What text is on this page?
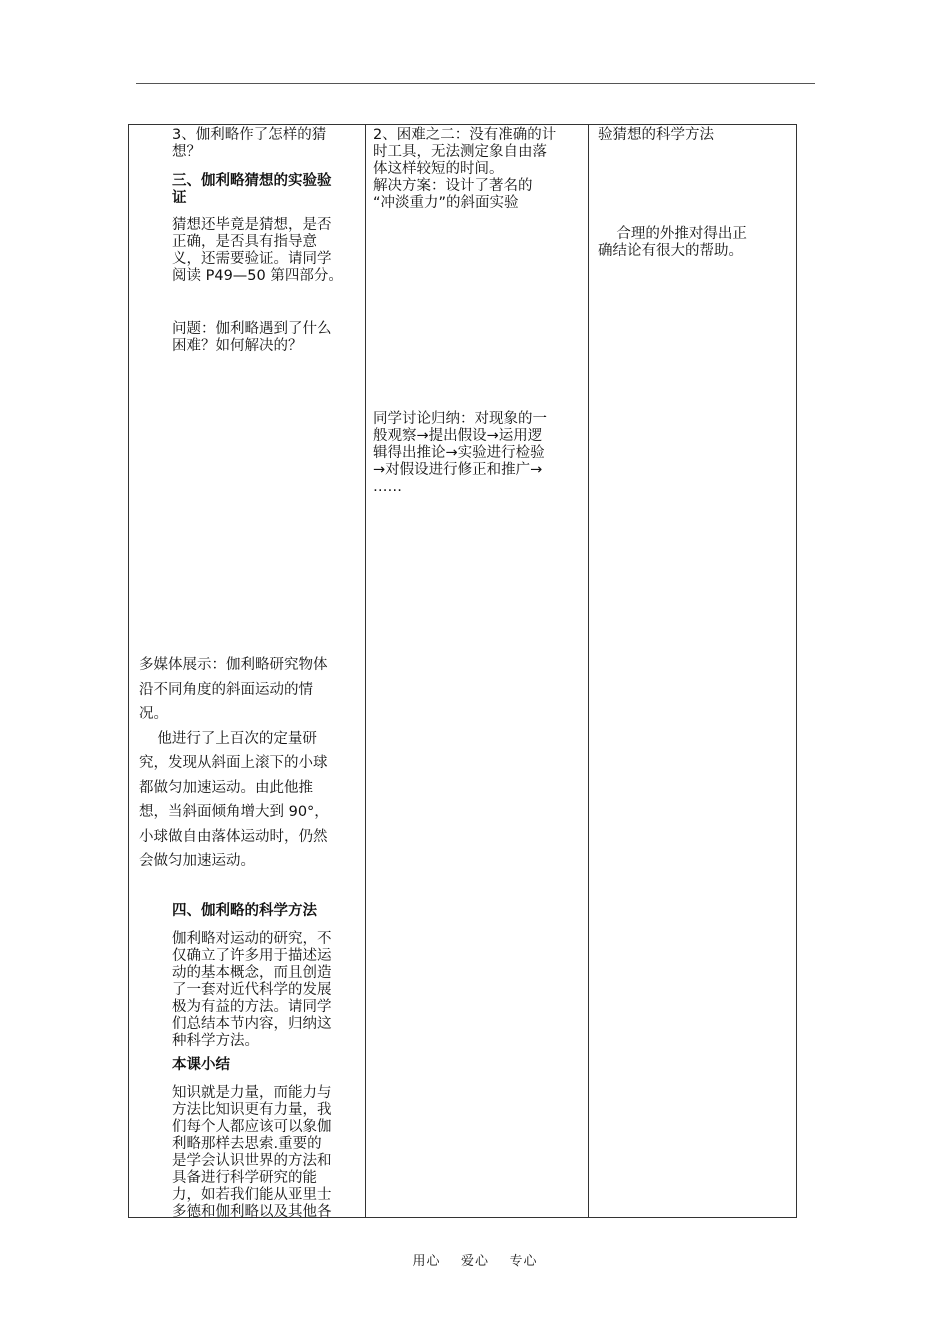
3、伽利略作了怎样的猜
想？
三、伽利略猜想的实验验
证
猜想还毕竟是猜想，是否
正确，是否具有指导意
义，还需要验证。请同学
阅读 P49—50 第四部分。
问题：伽利略遇到了什么
困难？如何解决的？
多媒体展示：伽利略研究物体
沿不同角度的斜面运动的情
况。
他进行了上百次的定量研
究，发现从斜面上滚下的小球
都做匀加速运动。由此他推
想，当斜面倾角增大到 90°，
小球做自由落体运动时，仍然
会做匀加速运动。
四、伽利略的科学方法
伽利略对运动的研究，不
仅确立了许多用于描述运
动的基本概念，而且创造
了一套对近代科学的发展
极为有益的方法。请同学
们总结本节内容，归纳这
种科学方法。
本课小结
知识就是力量，而能力与
方法比知识更有力量，我
们每个人都应该可以象伽
利略那样去思索.重要的
是学会认识世界的方法和
具备进行科学研究的能
力，如若我们能从亚里士
多德和伽利略以及其他各
2、困难之二：没有准确的计
时工具，无法测定象自由落
体这样较短的时间。
解决方案：设计了著名的
“冲淡重力”的斜面实验
同学讨论归纳：对现象的一
般观察→提出假设→运用逻
辑得出推论→实验进行检验
→对假设进行修正和推广→
……
验猜想的科学方法
合理的外推对得出正
确结论有很大的帮助。
用心    爱心    专心
